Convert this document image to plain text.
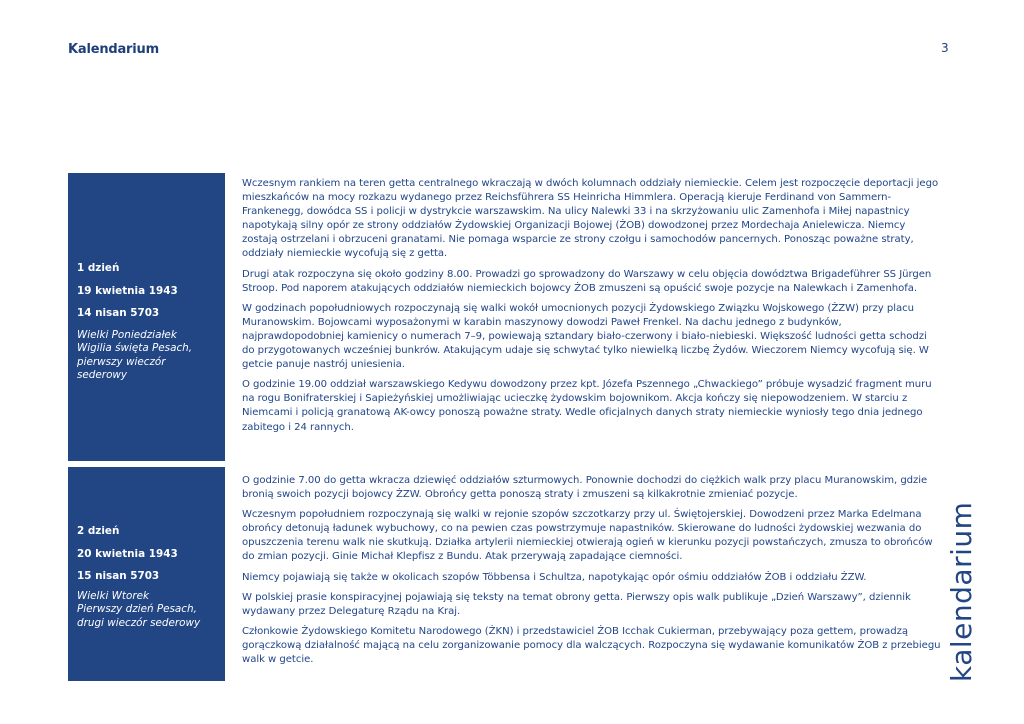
Kalendarium	3
1 dzień
19 kwietnia 1943
14 nisan 5703
Wielki Poniedziałek
Wigilia święta Pesach,
pierwszy wieczór
sederowy

Wczesnym rankiem na teren getta centralnego wkraczają w dwóch kolumnach oddziały niemieckie. Celem jest rozpoczęcie deportacji jego mieszkańców na mocy rozkazu wydanego przez Reichsführera SS Heinricha Himmlera. Operacją kieruje Ferdinand von Sammern-Frankenegg, dowódca SS i policji w dystrykcie warszawskim. Na ulicy Nalewki 33 i na skrzyżowaniu ulic Zamenhofa i Miłej napastnicy napotykają silny opór ze strony oddziałów Żydowskiej Organizacji Bojowej (ŻOB) dowodzonej przez Mordechaja Anielewicza. Niemcy zostają ostrzelani i obrzuceni granatami. Nie pomaga wsparcie ze strony czołgu i samochodów pancernych. Ponosząc poważne straty, oddziały niemieckie wycofują się z getta.

Drugi atak rozpoczyna się około godziny 8.00. Prowadzi go sprowadzony do Warszawy w celu objęcia dowództwa Brigadeführer SS Jürgen Stroop. Pod naporem atakujących oddziałów niemieckich bojowcy ŻOB zmuszeni są opuścić swoje pozycje na Nalewkach i Zamenhofa.

W godzinach popołudniowych rozpoczynają się walki wokół umocnionych pozycji Żydowskiego Związku Wojskowego (ŻZW) przy placu Muranowskim. Bojowcami wyposażonymi w karabin maszynowy dowodzi Paweł Frenkel. Na dachu jednego z budynków, najprawdopodobniej kamienicy o numerach 7–9, powiewają sztandary biało-czerwony i biało-niebieski. Większość ludności getta schodzi do przygotowanych wcześniej bunkrów. Atakującym udaje się schwytać tylko niewielką liczbę Żydów. Wieczorem Niemcy wycofują się. W getcie panuje nastrój uniesienia.

O godzinie 19.00 oddział warszawskiego Kedywu dowodzony przez kpt. Józefa Pszennego „Chwackiego” próbuje wysadzić fragment muru na rogu Bonifraterskiej i Sapieżyńskiej umożliwiając ucieczkę żydowskim bojownikom. Akcja kończy się niepowodzeniem. W starciu z Niemcami i policją granatową AK-owcy ponoszą poważne straty. Wedle oficjalnych danych straty niemieckie wyniosły tego dnia jednego zabitego i 24 rannych.

2 dzień
20 kwietnia 1943
15 nisan 5703
Wielki Wtorek
Pierwszy dzień Pesach,
drugi wieczór sederowy

O godzinie 7.00 do getta wkracza dziewięć oddziałów szturmowych. Ponownie dochodzi do ciężkich walk przy placu Muranowskim, gdzie bronią swoich pozycji bojowcy ŻZW. Obrońcy getta ponoszą straty i zmuszeni są kilkakrotnie zmieniać pozycje.

Wczesnym popołudniem rozpoczynają się walki w rejonie szopów szczotkarzy przy ul. Świętojerskiej. Dowodzeni przez Marka Edelmana obrońcy detonują ładunek wybuchowy, co na pewien czas powstrzymuje napastników. Skierowane do ludności żydowskiej wezwania do opuszczenia terenu walk nie skutkują. Działka artylerii niemieckiej otwierają ogień w kierunku pozycji powstańczych, zmusza to obrońców do zmian pozycji. Ginie Michał Klepfisz z Bundu. Atak przerywają zapadające ciemności.

Niemcy pojawiają się także w okolicach szopów Többensa i Schultza, napotykając opór ośmiu oddziałów ŻOB i oddziału ŻZW.

W polskiej prasie konspiracyjnej pojawiają się teksty na temat obrony getta. Pierwszy opis walk publikuje „Dzień Warszawy”, dziennik wydawany przez Delegaturę Rządu na Kraj.

Członkowie Żydowskiego Komitetu Narodowego (ŻKN) i przedstawiciel ŻOB Icchak Cukierman, przebywający poza gettem, prowadzą gorączkową działalność mającą na celu zorganizowanie pomocy dla walczących. Rozpoczyna się wydawanie komunikatów ŻOB z przebiegu walk w getcie.	kalendarium
